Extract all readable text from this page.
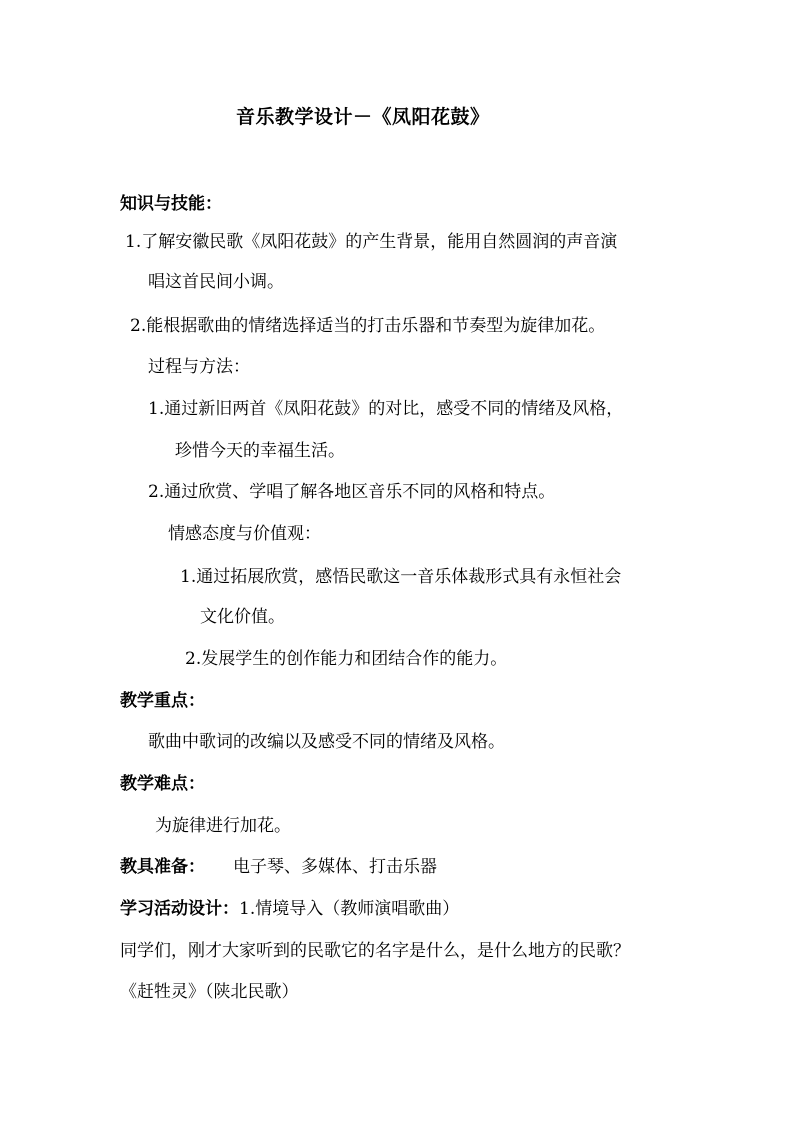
音乐教学设计－《凤阳花鼓》
知识与技能：
1.了解安徽民歌《凤阳花鼓》的产生背景，能用自然圆润的声音演
唱这首民间小调。
2.能根据歌曲的情绪选择适当的打击乐器和节奏型为旋律加花。
过程与方法：
1.通过新旧两首《凤阳花鼓》的对比，感受不同的情绪及风格，
珍惜今天的幸福生活。
2.通过欣赏、学唱了解各地区音乐不同的风格和特点。
情感态度与价值观：
1.通过拓展欣赏，感悟民歌这一音乐体裁形式具有永恒社会
文化价值。
2.发展学生的创作能力和团结合作的能力。
教学重点：
歌曲中歌词的改编以及感受不同的情绪及风格。
教学难点：
为旋律进行加花。
教具准备： 电子琴、多媒体、打击乐器
学习活动设计：1.情境导入（教师演唱歌曲）
同学们，刚才大家听到的民歌它的名字是什么，是什么地方的民歌？
《赶牲灵》（陕北民歌）
